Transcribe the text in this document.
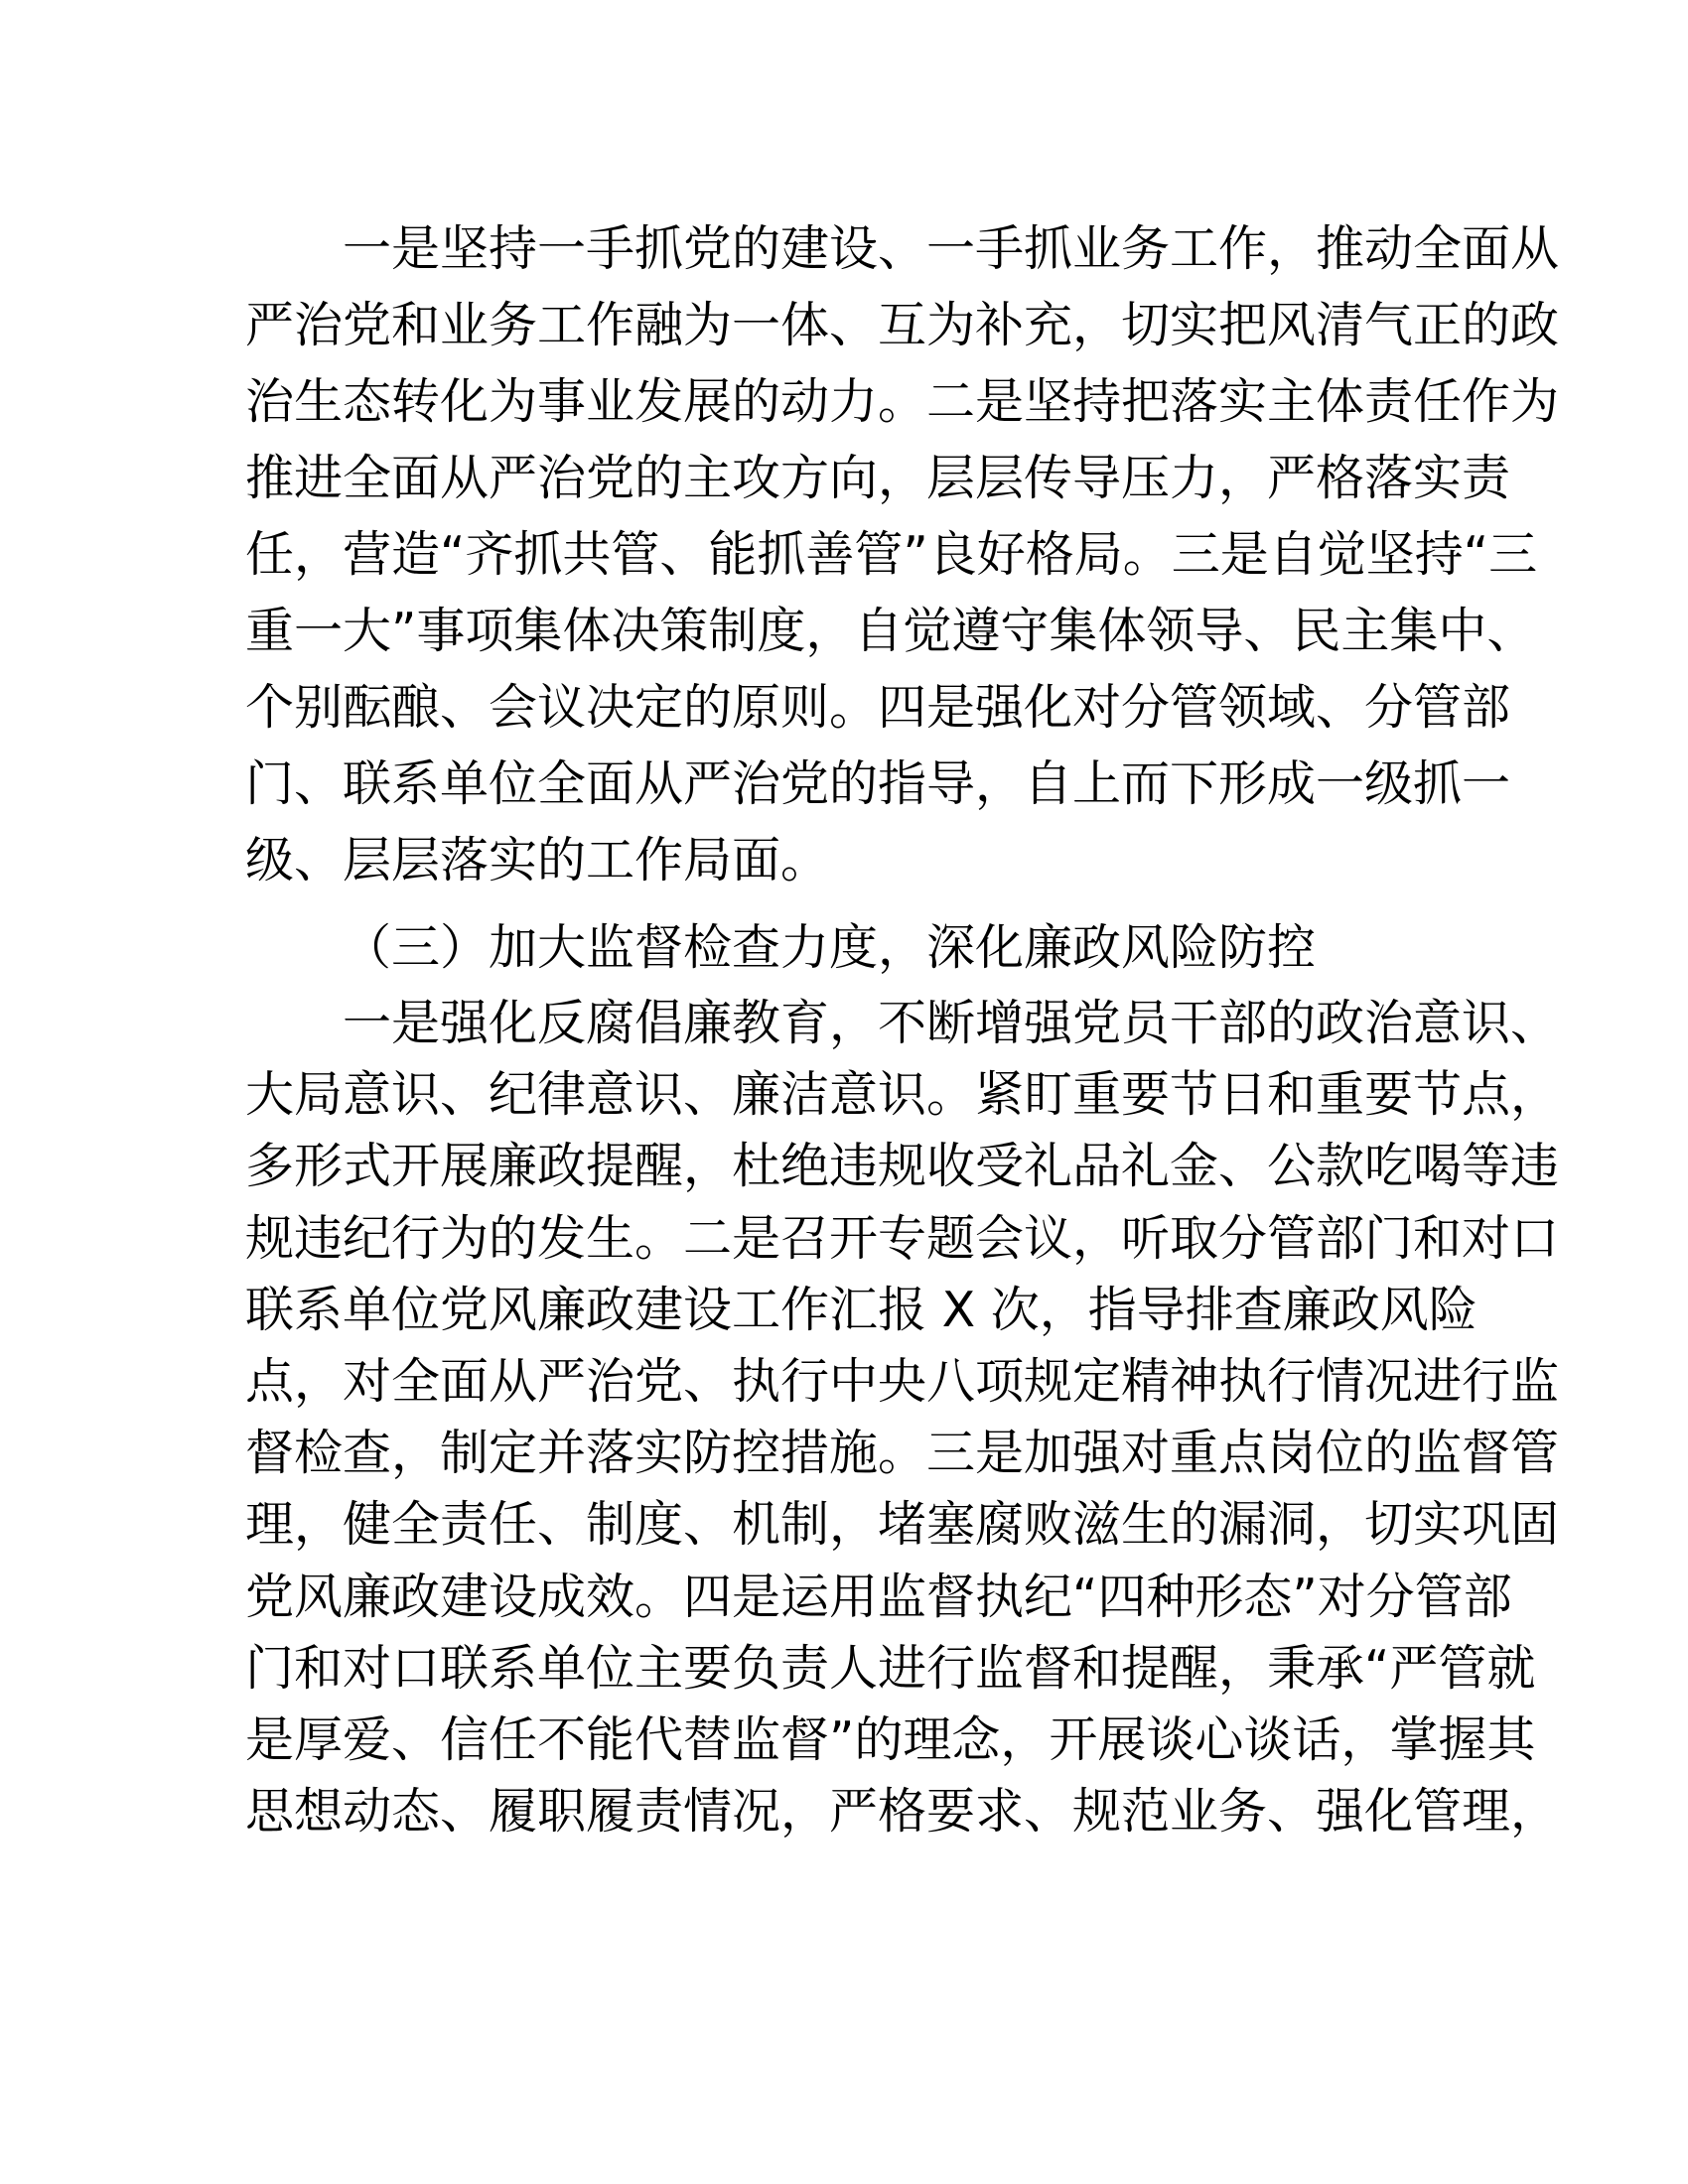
一是坚持一手抓党的建设、一手抓业务工作，推动全面从
严治党和业务工作融为一体、互为补充，切实把风清气正的政
治生态转化为事业发展的动力。二是坚持把落实主体责任作为
推进全面从严治党的主攻方向，层层传导压力，严格落实责
任，营造“齐抓共管、能抓善管”良好格局。三是自觉坚持“三
重一大”事项集体决策制度，自觉遵守集体领导、民主集中、
个别酝酿、会议决定的原则。四是强化对分管领域、分管部
门、联系单位全面从严治党的指导，自上而下形成一级抓一
级、层层落实的工作局面。
（三）加大监督检查力度，深化廉政风险防控
一是强化反腐倡廉教育，不断增强党员干部的政治意识、
大局意识、纪律意识、廉洁意识。紧盯重要节日和重要节点，
多形式开展廉政提醒，杜绝违规收受礼品礼金、公款吃喝等违
规违纪行为的发生。二是召开专题会议，听取分管部门和对口
联系单位党风廉政建设工作汇报 X 次，指导排查廉政风险
点，对全面从严治党、执行中央八项规定精神执行情况进行监
督检查，制定并落实防控措施。三是加强对重点岗位的监督管
理，健全责任、制度、机制，堵塞腐败滋生的漏洞，切实巩固
党风廉政建设成效。四是运用监督执纪“四种形态”对分管部
门和对口联系单位主要负责人进行监督和提醒，秉承“严管就
是厚爱、信任不能代替监督”的理念，开展谈心谈话，掌握其
思想动态、履职履责情况，严格要求、规范业务、强化管理，
